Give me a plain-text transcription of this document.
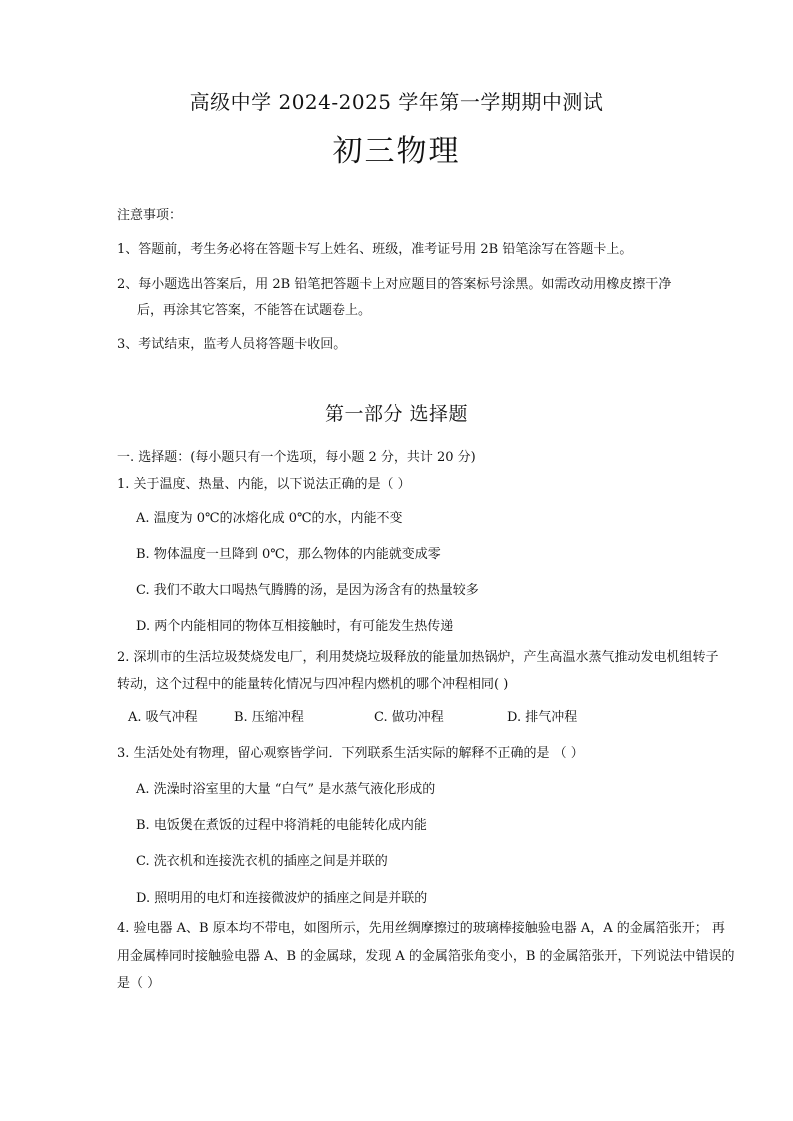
高级中学 2024-2025 学年第一学期期中测试
初三物理
注意事项：
1、答题前，考生务必将在答题卡写上姓名、班级，准考证号用 2B 铅笔涂写在答题卡上。
2、每小题选出答案后，用 2B 铅笔把答题卡上对应题目的答案标号涂黑。如需改动用橡皮擦干净
后，再涂其它答案，不能答在试题卷上。
3、考试结束，监考人员将答题卡收回。
第一部分 选择题
一. 选择题：(每小题只有一个选项，每小题 2 分，共计 20 分)
1. 关于温度、热量、内能，以下说法正确的是（ ）
A. 温度为 0℃的冰熔化成 0℃的水，内能不变
B. 物体温度一旦降到 0℃，那么物体的内能就变成零
C. 我们不敢大口喝热气腾腾的汤，是因为汤含有的热量较多
D. 两个内能相同的物体互相接触时，有可能发生热传递
2. 深圳市的生活垃圾焚烧发电厂，利用焚烧垃圾释放的能量加热锅炉，产生高温水蒸气推动发电机组转子
转动，这个过程中的能量转化情况与四冲程内燃机的哪个冲程相同( )
A. 吸气冲程	B. 压缩冲程	C. 做功冲程	D. 排气冲程
3. 生活处处有物理，留心观察皆学问．下列联系生活实际的解释不正确的是 （ ）
A. 洗澡时浴室里的大量 “白气” 是水蒸气液化形成的
B. 电饭煲在煮饭的过程中将消耗的电能转化成内能
C. 洗衣机和连接洗衣机的插座之间是并联的
D. 照明用的电灯和连接微波炉的插座之间是并联的
4. 验电器 A、B 原本均不带电，如图所示，先用丝绸摩擦过的玻璃棒接触验电器 A，A 的金属箔张开； 再
用金属棒同时接触验电器 A、B 的金属球，发现 A 的金属箔张角变小，B 的金属箔张开，下列说法中错误的
是（ ）
